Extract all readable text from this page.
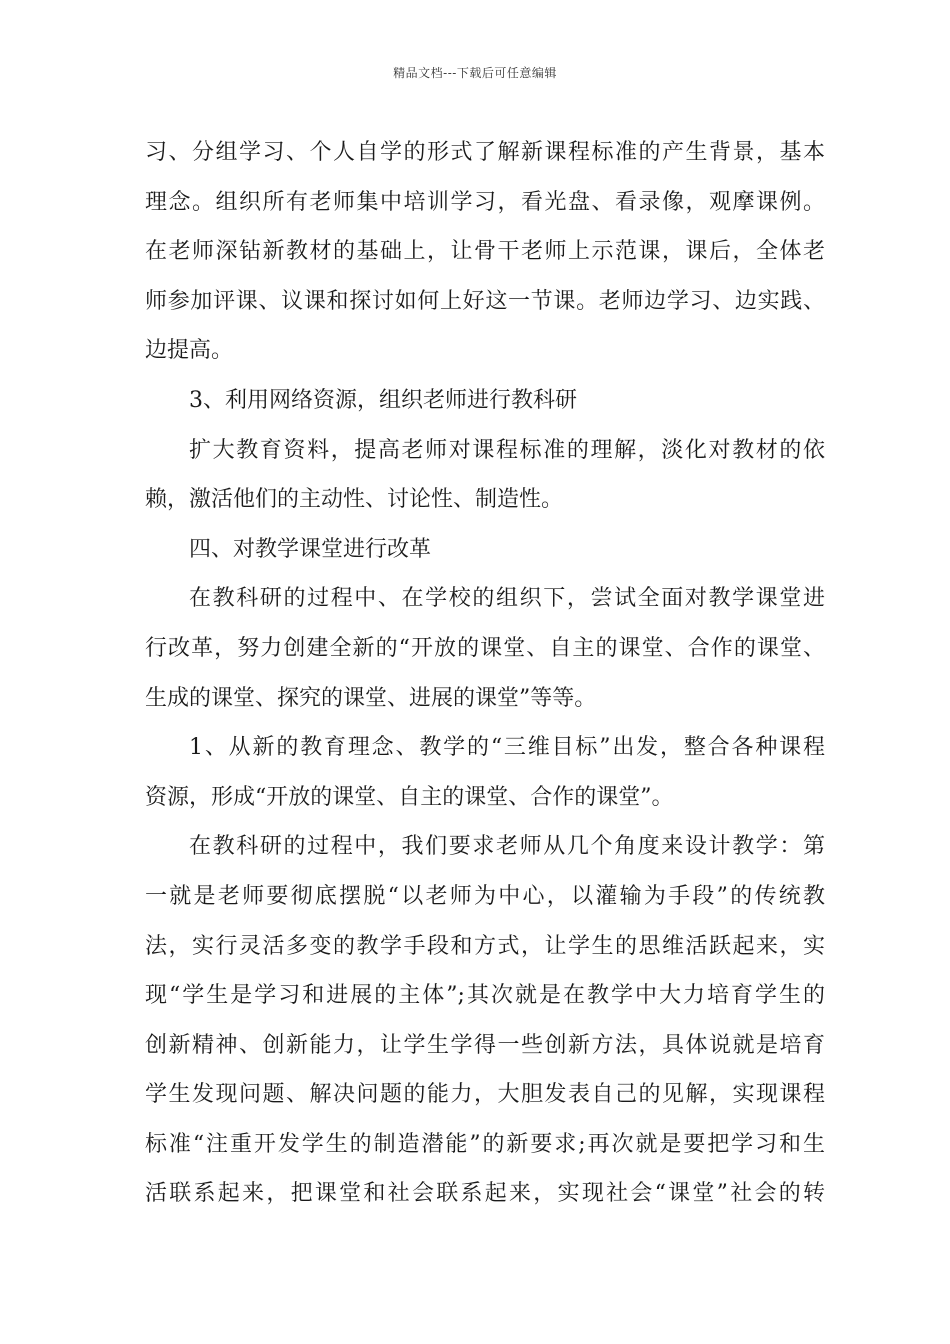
精品文档---下载后可任意编辑
习、分组学习、个人自学的形式了解新课程标准的产生背景，基本
理念。组织所有老师集中培训学习，看光盘、看录像，观摩课例。
在老师深钻新教材的基础上，让骨干老师上示范课，课后，全体老
师参加评课、议课和探讨如何上好这一节课。老师边学习、边实践、
边提高。
3、利用网络资源，组织老师进行教科研
扩大教育资料，提高老师对课程标准的理解，淡化对教材的依
赖，激活他们的主动性、讨论性、制造性。
四、对教学课堂进行改革
在教科研的过程中、在学校的组织下，尝试全面对教学课堂进
行改革，努力创建全新的“开放的课堂、自主的课堂、合作的课堂、
生成的课堂、探究的课堂、进展的课堂”等等。
1、从新的教育理念、教学的“三维目标”出发，整合各种课程
资源，形成“开放的课堂、自主的课堂、合作的课堂”。
在教科研的过程中，我们要求老师从几个角度来设计教学：第
一就是老师要彻底摆脱“以老师为中心，以灌输为手段”的传统教
法，实行灵活多变的教学手段和方式，让学生的思维活跃起来，实
现“学生是学习和进展的主体”;其次就是在教学中大力培育学生的
创新精神、创新能力，让学生学得一些创新方法，具体说就是培育
学生发现问题、解决问题的能力，大胆发表自己的见解，实现课程
标准“注重开发学生的制造潜能”的新要求;再次就是要把学习和生
活联系起来，把课堂和社会联系起来，实现社会“课堂”社会的转
